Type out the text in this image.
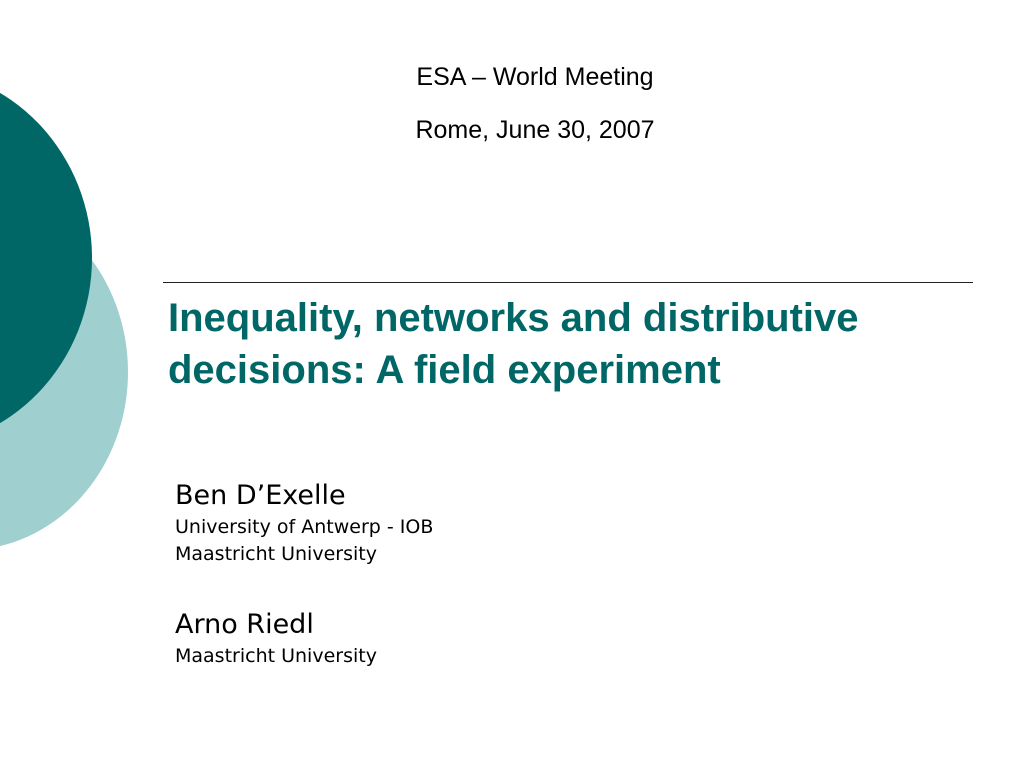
ESA – World Meeting
Rome, June 30, 2007
Inequality, networks and distributive
decisions: A field experiment
Ben D’Exelle
University of Antwerp - IOB
Maastricht University
Arno Riedl
Maastricht University
